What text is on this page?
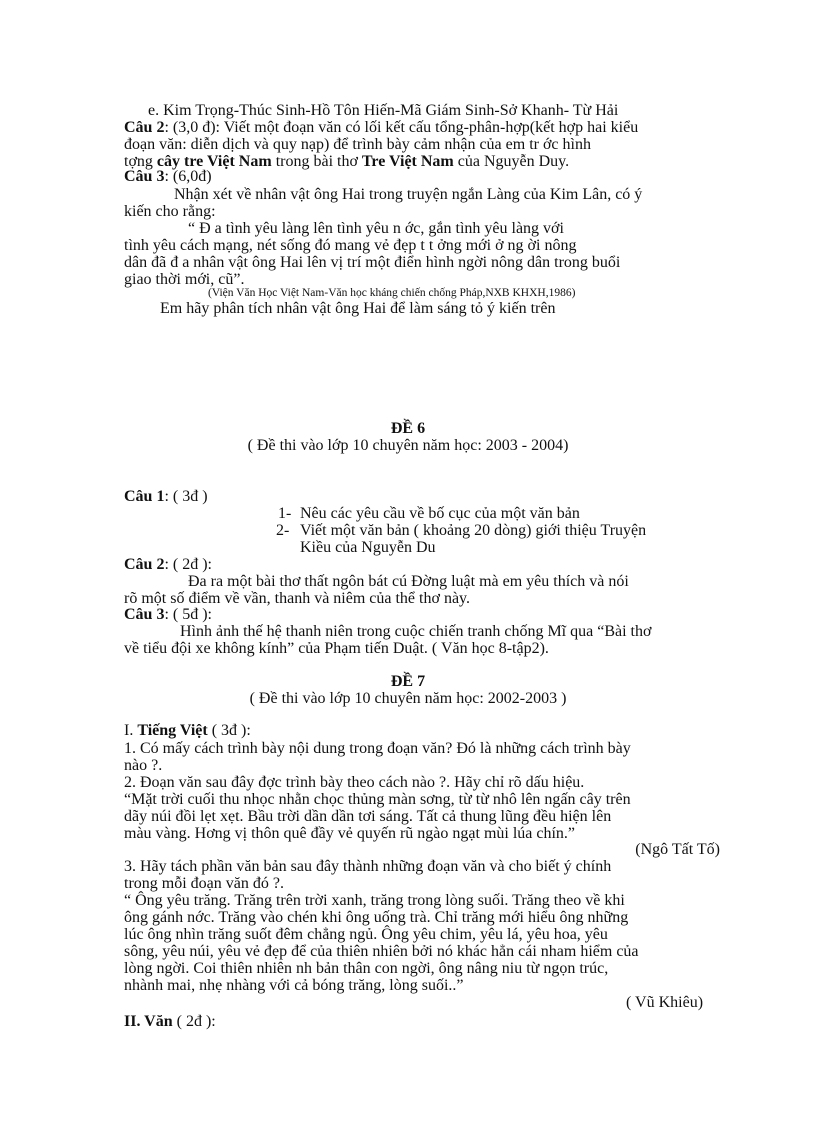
e. Kim Trọng-Thúc Sinh-Hồ Tôn Hiến-Mã Giám Sinh-Sở Khanh- Từ Hải
Câu 2: (3,0 đ): Viết một đoạn văn có lối kết cấu tổng-phân-hợp(kết hợp hai kiểu
đoạn văn: diễn dịch và quy nạp) để trình bày cảm nhận của em tr ớc hình
tợng cây tre Việt Nam trong bài thơ Tre Việt Nam của Nguyễn Duy.
Câu 3: (6,0đ)
Nhận xét về nhân vật ông Hai trong truyện ngắn Làng của Kim Lân, có ý
kiến cho rằng:
“ Đ a tình yêu làng lên tình yêu n ớc, gắn tình yêu làng với
tình yêu cách mạng, nét sống đó mang vẻ đẹp t t ởng mới ở ng ời nông
dân đã đ a nhân vật ông Hai lên vị trí một điển hình ngời nông dân trong buổi
giao thời mới, cũ”.
(Viện Văn Học Việt Nam-Văn học kháng chiến chống Pháp,NXB KHXH,1986)
Em hãy phân tích nhân vật ông Hai để làm sáng tỏ ý kiến trên
ĐỀ 6
( Đề thi vào lớp 10 chuyên năm học: 2003 - 2004)
Câu 1: ( 3đ )
1- Nêu các yêu cầu về bố cục của một văn bản
2- Viết một văn bản ( khoảng 20 dòng) giới thiệu Truyện
Kiều của Nguyễn Du
Câu 2: ( 2đ ):
Đa ra một bài thơ thất ngôn bát cú Đờng luật mà em yêu thích và nói
rõ một số điểm về vần, thanh và niêm của thể thơ này.
Câu 3: ( 5đ ):
Hình ảnh thế hệ thanh niên trong cuộc chiến tranh chống Mĩ qua “Bài thơ
về tiểu đội xe không kính” của Phạm tiến Duật. ( Văn học 8-tập2).
ĐỀ 7
( Đề thi vào lớp 10 chuyên năm học: 2002-2003 )
I. Tiếng Việt ( 3đ ):
1. Có mấy cách trình bày nội dung trong đoạn văn? Đó là những cách trình bày
nào ?.
2. Đoạn văn sau đây đợc trình bày theo cách nào ?. Hãy chỉ rõ dấu hiệu.
“Mặt trời cuối thu nhọc nhằn chọc thủng màn sơng, từ từ nhô lên ngấn cây trên
dãy núi đồi lẹt xẹt. Bầu trời dần dần tơi sáng. Tất cả thung lũng đều hiện lên
màu vàng. Hơng vị thôn quê đầy vẻ quyến rũ ngào ngạt mùi lúa chín.”
(Ngô Tất Tố)
3. Hãy tách phần văn bản sau đây thành những đoạn văn và cho biết ý chính
trong mỗi đoạn văn đó ?.
“ Ông yêu trăng. Trăng trên trời xanh, trăng trong lòng suối. Trăng theo về khi
ông gánh nớc. Trăng vào chén khi ông uống trà. Chỉ trăng mới hiểu ông những
lúc ông nhìn trăng suốt đêm chẳng ngủ. Ông yêu chim, yêu lá, yêu hoa, yêu
sông, yêu núi, yêu vẻ đẹp để của thiên nhiên bởi nó khác hẳn cái nham hiểm của
lòng ngời. Coi thiên nhiên nh bản thân con ngời, ông nâng niu từ ngọn trúc,
nhành mai, nhẹ nhàng với cả bóng trăng, lòng suối..”
( Vũ Khiêu)
II. Văn ( 2đ ):
